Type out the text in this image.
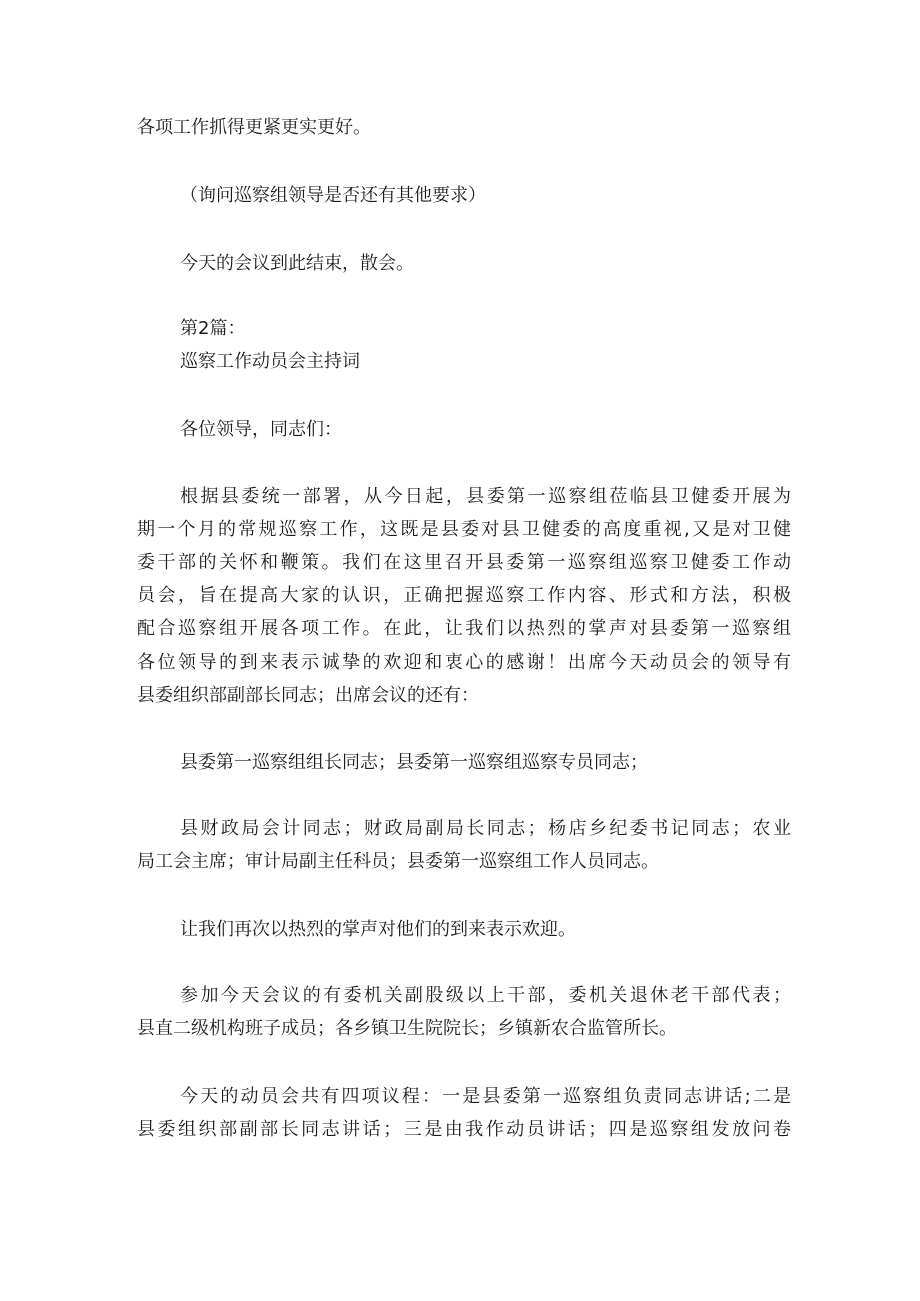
各项工作抓得更紧更实更好。
（询问巡察组领导是否还有其他要求）
今天的会议到此结束，散会。
第2篇：
巡察工作动员会主持词
各位领导，同志们：
根据县委统一部署，从今日起，县委第一巡察组莅临县卫健委开展为
期一个月的常规巡察工作，这既是县委对县卫健委的高度重视,又是对卫健
委干部的关怀和鞭策。我们在这里召开县委第一巡察组巡察卫健委工作动
员会，旨在提高大家的认识，正确把握巡察工作内容、形式和方法，积极
配合巡察组开展各项工作。在此，让我们以热烈的掌声对县委第一巡察组
各位领导的到来表示诚挚的欢迎和衷心的感谢！出席今天动员会的领导有
县委组织部副部长同志；出席会议的还有：
县委第一巡察组组长同志；县委第一巡察组巡察专员同志；
县财政局会计同志；财政局副局长同志；杨店乡纪委书记同志；农业
局工会主席；审计局副主任科员；县委第一巡察组工作人员同志。
让我们再次以热烈的掌声对他们的到来表示欢迎。
参加今天会议的有委机关副股级以上干部，委机关退休老干部代表；
县直二级机构班子成员；各乡镇卫生院院长；乡镇新农合监管所长。
今天的动员会共有四项议程：一是县委第一巡察组负责同志讲话;二是
县委组织部副部长同志讲话；三是由我作动员讲话；四是巡察组发放问卷
